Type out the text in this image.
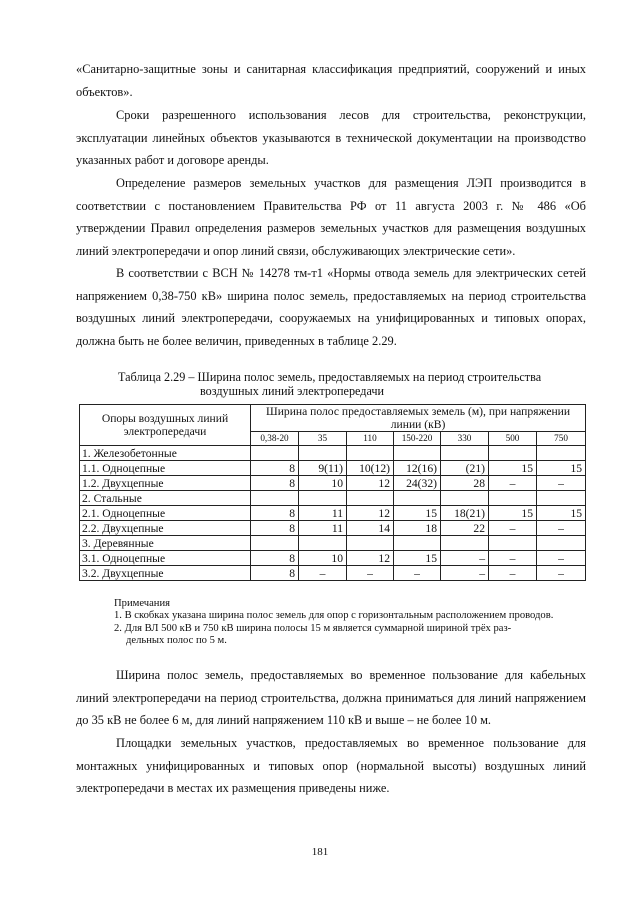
«Санитарно-защитные зоны и санитарная классификация предприятий, сооружений и иных объектов».

Сроки разрешенного использования лесов для строительства, реконструкции, эксплуатации линейных объектов указываются в технической документации на производство указанных работ и договоре аренды.

Определение размеров земельных участков для размещения ЛЭП производится в соответствии с постановлением Правительства РФ от 11 августа 2003 г. № 486 «Об утверждении Правил определения размеров земельных участков для размещения воздушных линий электропередачи и опор линий связи, обслуживающих электрические сети».

В соответствии с ВСН № 14278 тм-т1 «Нормы отвода земель для электрических сетей напряжением 0,38-750 кВ» ширина полос земель, предоставляемых на период строительства воздушных линий электропередачи, сооружаемых на унифицированных и типовых опорах, должна быть не более величин, приведенных в таблице 2.29.

Таблица 2.29 – Ширина полос земель, предоставляемых на период строительства
воздушных линий электропередачи

Опоры воздушных линий электропередачи	Ширина полос предоставляемых земель (м), при напряжении линии (кВ)						
	0,38-20	35	110	150-220	330	500	750
1. Железобетонные							
1.1. Одноцепные	8	9(11)	10(12)	12(16)	(21)	15	15
1.2. Двухцепные	8	10	12	24(32)	28	–	–
2. Стальные							
2.1. Одноцепные	8	11	12	15	18(21)	15	15
2.2. Двухцепные	8	11	14	18	22	–	–
3. Деревянные							
3.1. Одноцепные	8	10	12	15	–	–	–
3.2. Двухцепные	8	–	–	–	–	–	–
Примечания
1. В скобках указана ширина полос земель для опор с горизонтальным расположением проводов.
2. Для ВЛ 500 кВ и 750 кВ ширина полосы 15 м является суммарной шириной трёх раз-
дельных полос по 5 м.

Ширина полос земель, предоставляемых во временное пользование для кабельных линий электропередачи на период строительства, должна приниматься для линий напряжением до 35 кВ не более 6 м, для линий напряжением 110 кВ и выше – не более 10 м.

Площадки земельных участков, предоставляемых во временное пользование для монтажных унифицированных и типовых опор (нормальной высоты) воздушных линий электропередачи в местах их размещения приведены ниже.

181
